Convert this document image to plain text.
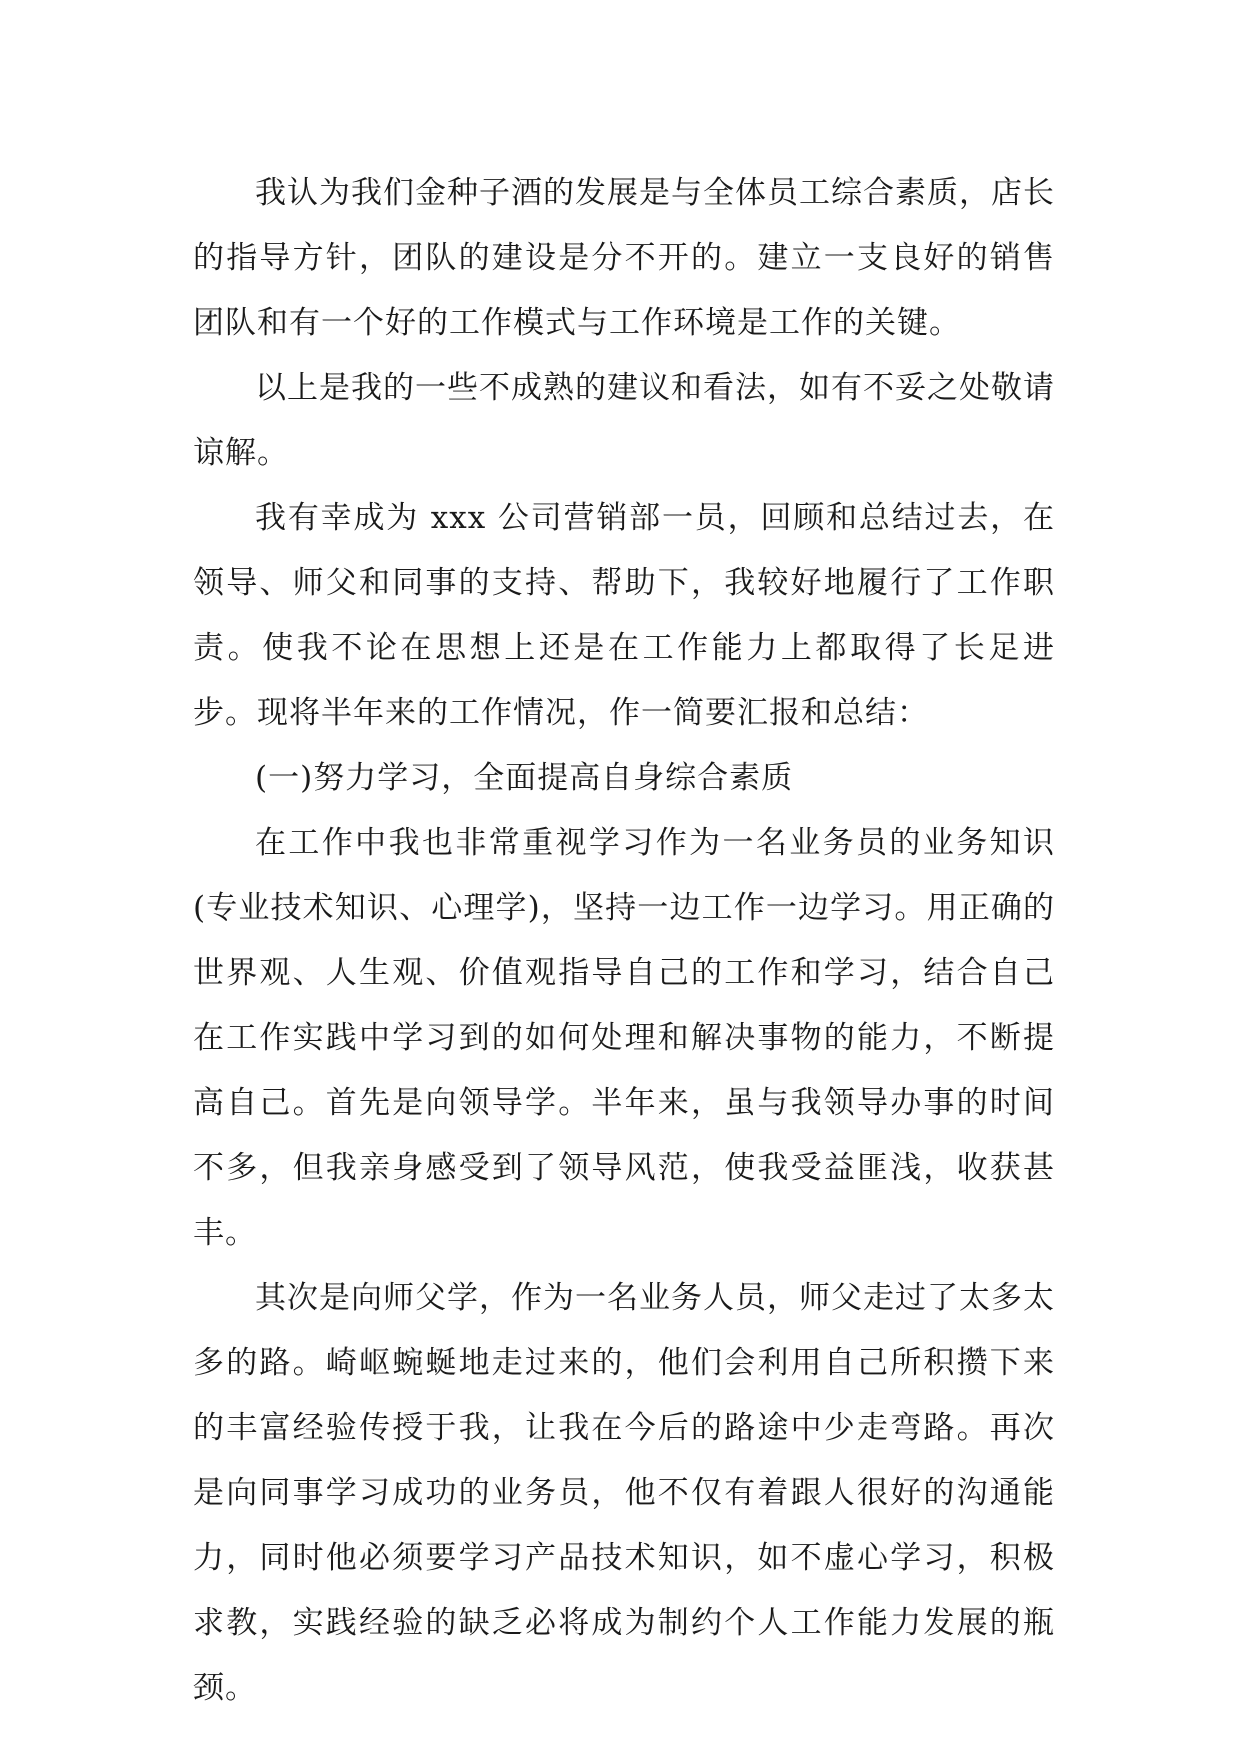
我认为我们金种子酒的发展是与全体员工综合素质，店长的指导方针，团队的建设是分不开的。建立一支良好的销售团队和有一个好的工作模式与工作环境是工作的关键。

以上是我的一些不成熟的建议和看法，如有不妥之处敬请谅解。

我有幸成为 xxx 公司营销部一员，回顾和总结过去，在领导、师父和同事的支持、帮助下，我较好地履行了工作职责。使我不论在思想上还是在工作能力上都取得了长足进步。现将半年来的工作情况，作一简要汇报和总结：

(一)努力学习，全面提高自身综合素质

在工作中我也非常重视学习作为一名业务员的业务知识(专业技术知识、心理学)，坚持一边工作一边学习。用正确的世界观、人生观、价值观指导自己的工作和学习，结合自己在工作实践中学习到的如何处理和解决事物的能力，不断提高自己。首先是向领导学。半年来，虽与我领导办事的时间不多，但我亲身感受到了领导风范，使我受益匪浅，收获甚丰。

其次是向师父学，作为一名业务人员，师父走过了太多太多的路。崎岖蜿蜒地走过来的，他们会利用自己所积攒下来的丰富经验传授于我，让我在今后的路途中少走弯路。再次是向同事学习成功的业务员，他不仅有着跟人很好的沟通能力，同时他必须要学习产品技术知识，如不虚心学习，积极求教，实践经验的缺乏必将成为制约个人工作能力发展的瓶颈。
